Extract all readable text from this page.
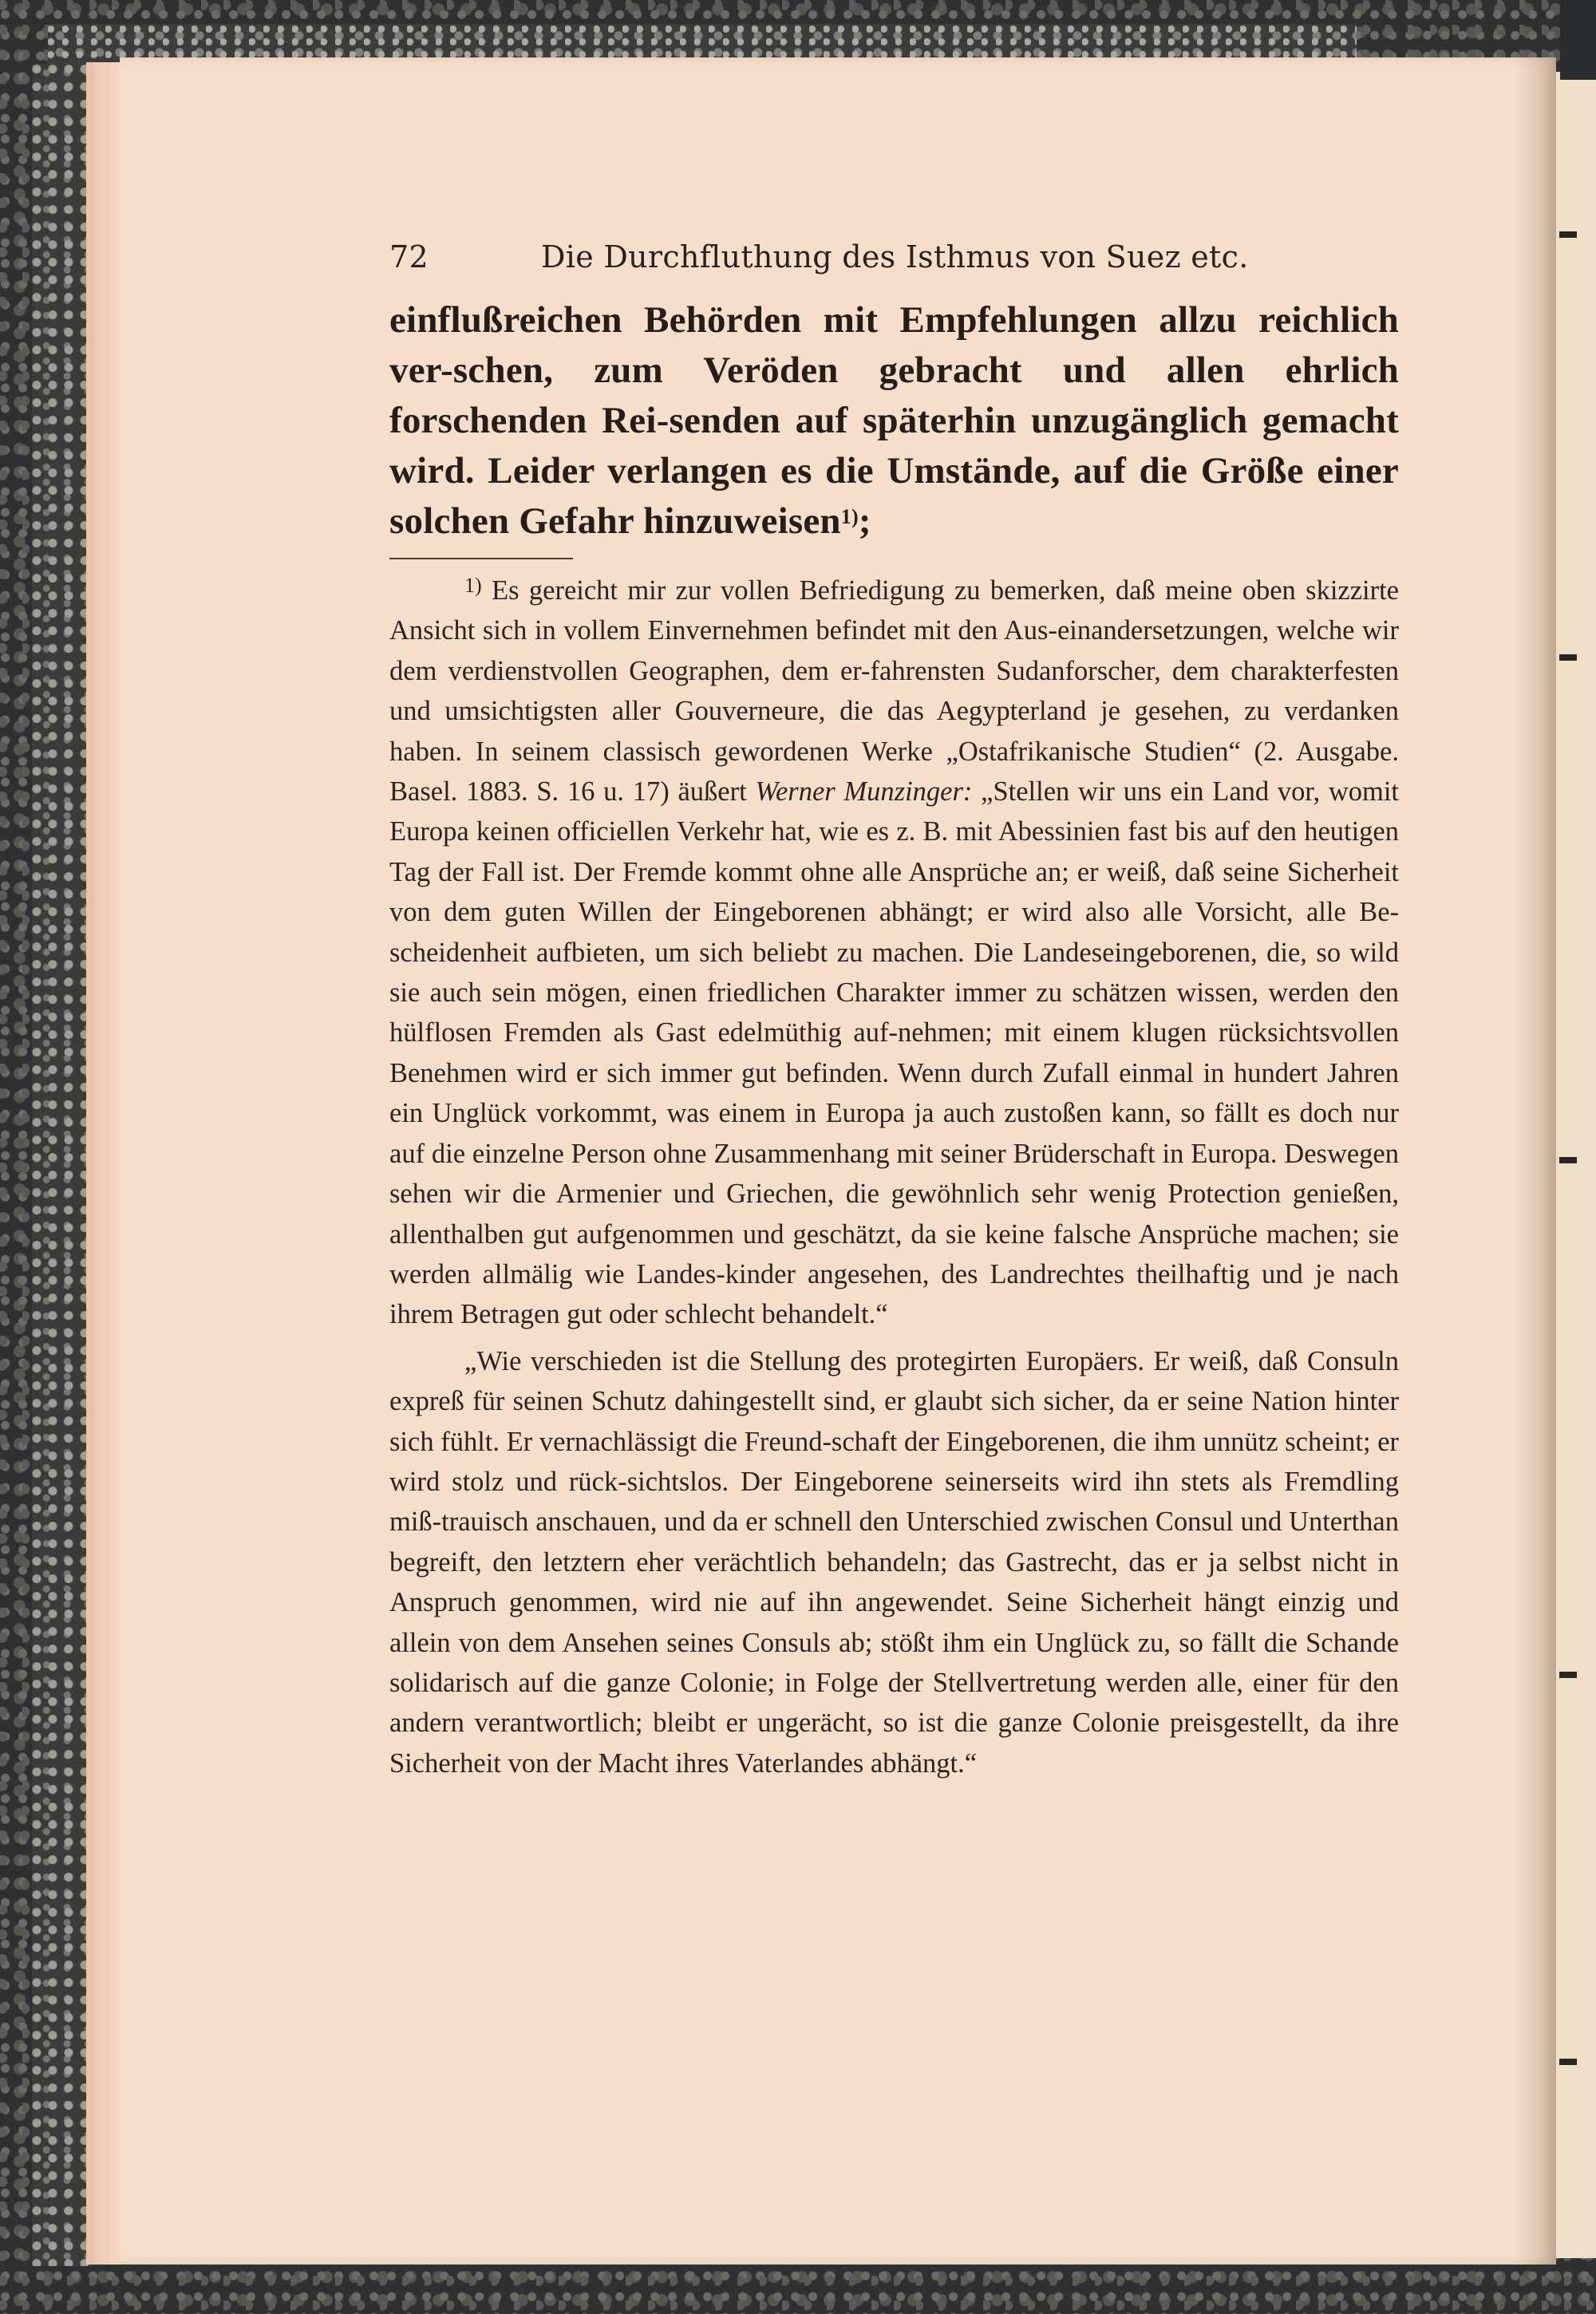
72	Die Durchfluthung des Isthmus von Suez etc.

einflußreichen Behörden mit Empfehlungen allzu reichlich ver-schen, zum Veröden gebracht und allen ehrlich forschenden Rei-senden auf späterhin unzugänglich gemacht wird. Leider verlangen es die Umstände, auf die Größe einer solchen Gefahr hinzuweisen$^{1)}$;

$^{1)}$ Es gereicht mir zur vollen Befriedigung zu bemerken, daß meine oben skizzirte Ansicht sich in vollem Einvernehmen befindet mit den Aus-einandersetzungen, welche wir dem verdienstvollen Geographen, dem er-fahrensten Sudanforscher, dem charakterfesten und umsichtigsten aller Gouverneure, die das Aegypterland je gesehen, zu verdanken haben. In seinem classisch gewordenen Werke „Ostafrikanische Studien“ (2. Ausgabe. Basel. 1883. S. 16 u. 17) äußert Werner Munzinger: „Stellen wir uns ein Land vor, womit Europa keinen officiellen Verkehr hat, wie es z. B. mit Abessinien fast bis auf den heutigen Tag der Fall ist. Der Fremde kommt ohne alle Ansprüche an; er weiß, daß seine Sicherheit von dem guten Willen der Eingeborenen abhängt; er wird also alle Vorsicht, alle Be-scheidenheit aufbieten, um sich beliebt zu machen. Die Landeseingeborenen, die, so wild sie auch sein mögen, einen friedlichen Charakter immer zu schätzen wissen, werden den hülflosen Fremden als Gast edelmüthig auf-nehmen; mit einem klugen rücksichtsvollen Benehmen wird er sich immer gut befinden. Wenn durch Zufall einmal in hundert Jahren ein Unglück vorkommt, was einem in Europa ja auch zustoßen kann, so fällt es doch nur auf die einzelne Person ohne Zusammenhang mit seiner Brüderschaft in Europa. Deswegen sehen wir die Armenier und Griechen, die gewöhnlich sehr wenig Protection genießen, allenthalben gut aufgenommen und geschätzt, da sie keine falsche Ansprüche machen; sie werden allmälig wie Landes-kinder angesehen, des Landrechtes theilhaftig und je nach ihrem Betragen gut oder schlecht behandelt.“

„Wie verschieden ist die Stellung des protegirten Europäers. Er weiß, daß Consuln expreß für seinen Schutz dahingestellt sind, er glaubt sich sicher, da er seine Nation hinter sich fühlt. Er vernachlässigt die Freund-schaft der Eingeborenen, die ihm unnütz scheint; er wird stolz und rück-sichtslos. Der Eingeborene seinerseits wird ihn stets als Fremdling miß-trauisch anschauen, und da er schnell den Unterschied zwischen Consul und Unterthan begreift, den letztern eher verächtlich behandeln; das Gastrecht, das er ja selbst nicht in Anspruch genommen, wird nie auf ihn angewendet. Seine Sicherheit hängt einzig und allein von dem Ansehen seines Consuls ab; stößt ihm ein Unglück zu, so fällt die Schande solidarisch auf die ganze Colonie; in Folge der Stellvertretung werden alle, einer für den andern verantwortlich; bleibt er ungerächt, so ist die ganze Colonie preisgestellt, da ihre Sicherheit von der Macht ihres Vaterlandes abhängt.“
